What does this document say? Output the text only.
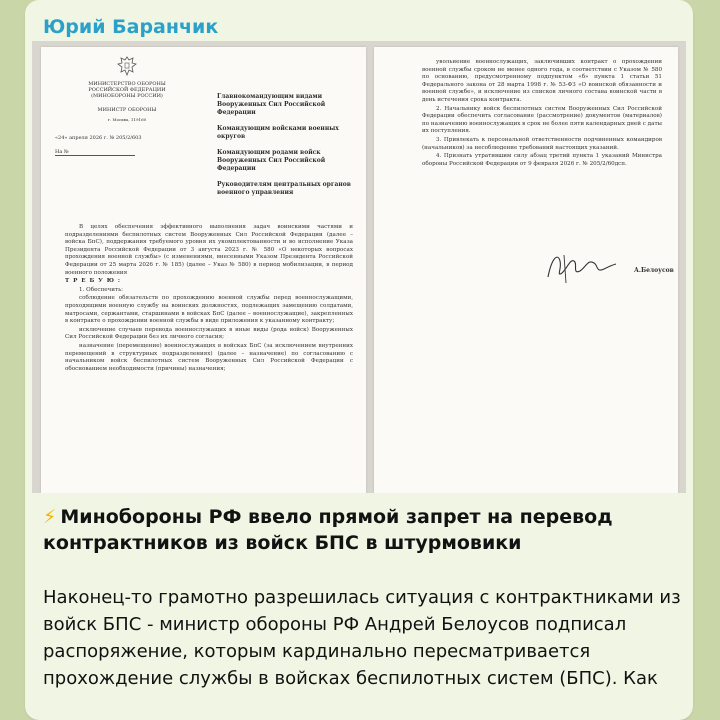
Юрий Баранчик
МИНИСТЕРСТВО ОБОРОНЫ РОССИЙСКОЙ ФЕДЕРАЦИИ (МИНОБОРОНЫ РОССИИ)
МИНИСТР ОБОРОНЫ
г. Москва, 119160
«24» апреля 2026 г. № 205/2/603
На №
Главнокомандующим видами Вооруженных Сил Российской Федерации
Командующим войсками военных округов
Командующим родами войск Вооруженных Сил Российской Федерации
Руководителям центральных органов военного управления

В целях обеспечения эффективного выполнения задач воинскими частями и подразделениями беспилотных систем Вооруженных Сил Российской Федерации (далее – войска БпС), поддержания требуемого уровня их укомплектованности и во исполнение Указа Президента Российской Федерации от 3 августа 2023 г. № 580 «О некоторых вопросах прохождения военной службы» (с изменениями, внесенными Указом Президента Российской Федерации от 25 марта 2026 г. № 185) (далее – Указ № 580) в период мобилизации, в период военного положения

Т Р Е Б У Ю :

1. Обеспечить:

соблюдение обязательств по прохождению военной службы перед военнослужащими, проходящими военную службу на воинских должностях, подлежащих замещению солдатами, матросами, сержантами, старшинами в войсках БпС (далее – военнослужащие), закрепленных в контракте о прохождении военной службы в виде приложения к указанному контракту;

исключение случаев перевода военнослужащих в иные виды (рода войск) Вооруженных Сил Российской Федерации без их личного согласия;

назначение (перемещение) военнослужащих в войсках БпС (за исключением внутренних перемещений в структурных подразделениях) (далее – назначение) по согласованию с начальником войск беспилотных систем Вооруженных Сил Российской Федерации с обоснованием необходимости (причины) назначения;

увольнение военнослужащих, заключивших контракт о прохождении военной службы сроком не менее одного года, в соответствии с Указом № 580 по основанию, предусмотренному подпунктом «б» пункта 1 статьи 51 Федерального закона от 28 марта 1998 г. № 53-ФЗ «О воинской обязанности и военной службе», и исключение из списков личного состава воинской части в день истечения срока контракта.

2. Начальнику войск беспилотных систем Вооруженных Сил Российской Федерации обеспечить согласование (рассмотрение) документов (материалов) по назначению военнослужащих в срок не более пяти календарных дней с даты их поступления.

3. Привлекать к персональной ответственности подчиненных командиров (начальников) за несоблюдение требований настоящих указаний.

4. Признать утратившим силу абзац третий пункта 1 указаний Министра обороны Российской Федерации от 9 февраля 2026 г. № 205/2/60дсп.

А.Белоусов
⚡ Минобороны РФ ввело прямой запрет на перевод контрактников из войск БПС в штурмовики
Наконец-то грамотно разрешилась ситуация с контрактниками из войск БПС - министр обороны РФ Андрей Белоусов подписал распоряжение, которым кардинально пересматривается прохождение службы в войсках беспилотных систем (БПС). Как
